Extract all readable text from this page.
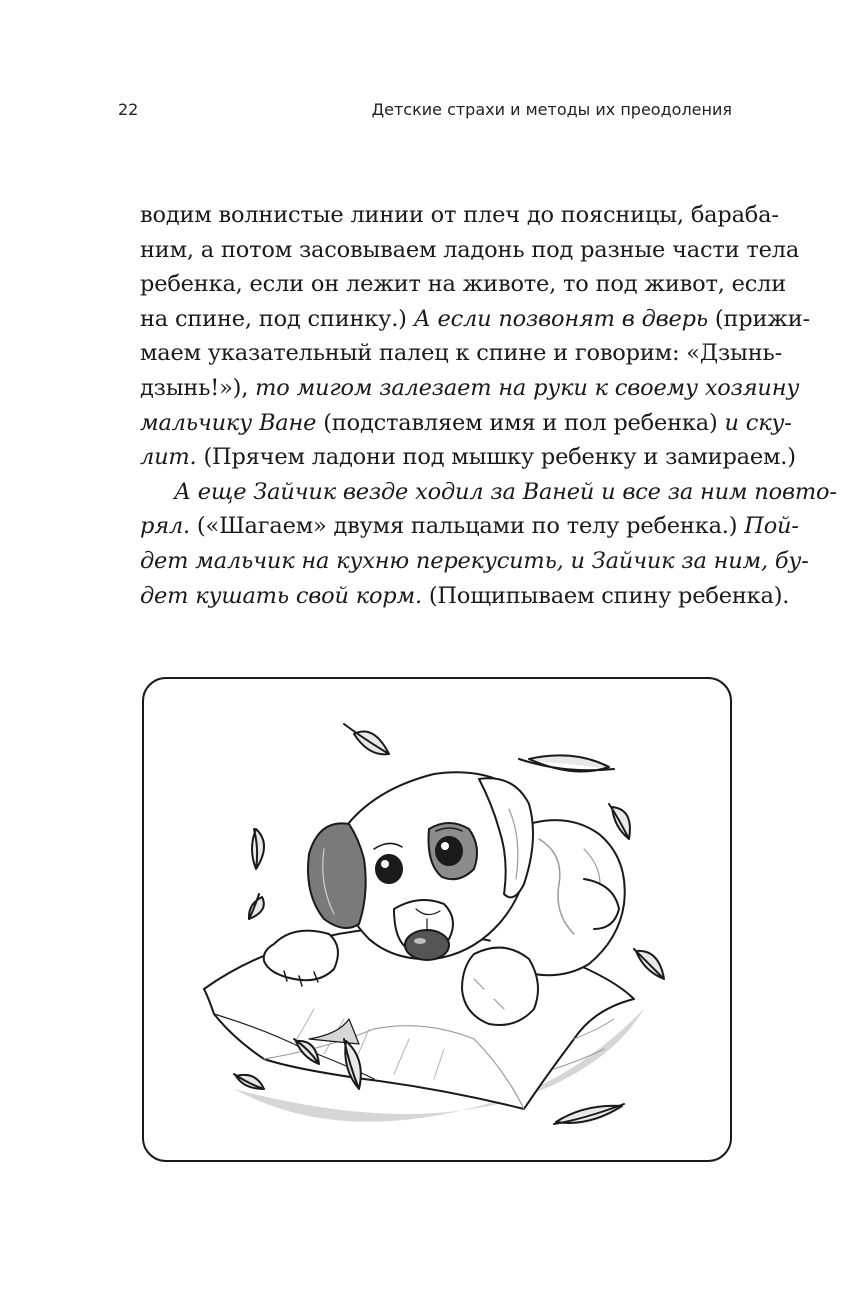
22	Детские страхи и методы их преодоления
водим волнистые линии от плеч до поясницы, бараба-
ним, а потом засовываем ладонь под разные части тела
ребенка, если он лежит на животе, то под живот, если
на спине, под спинку.) А если позвонят в дверь (прижи-
маем указательный палец к спине и говорим: «Дзынь-
дзынь!»), то мигом залезает на руки к своему хозяину
мальчику Ване (подставляем имя и пол ребенка) и ску-
лит. (Прячем ладони под мышку ребенку и замираем.)
А еще Зайчик везде ходил за Ваней и все за ним повто-
рял. («Шагаем» двумя пальцами по телу ребенка.) Пой-
дет мальчик на кухню перекусить, и Зайчик за ним, бу-
дет кушать свой корм. (Пощипываем спину ребенка).
